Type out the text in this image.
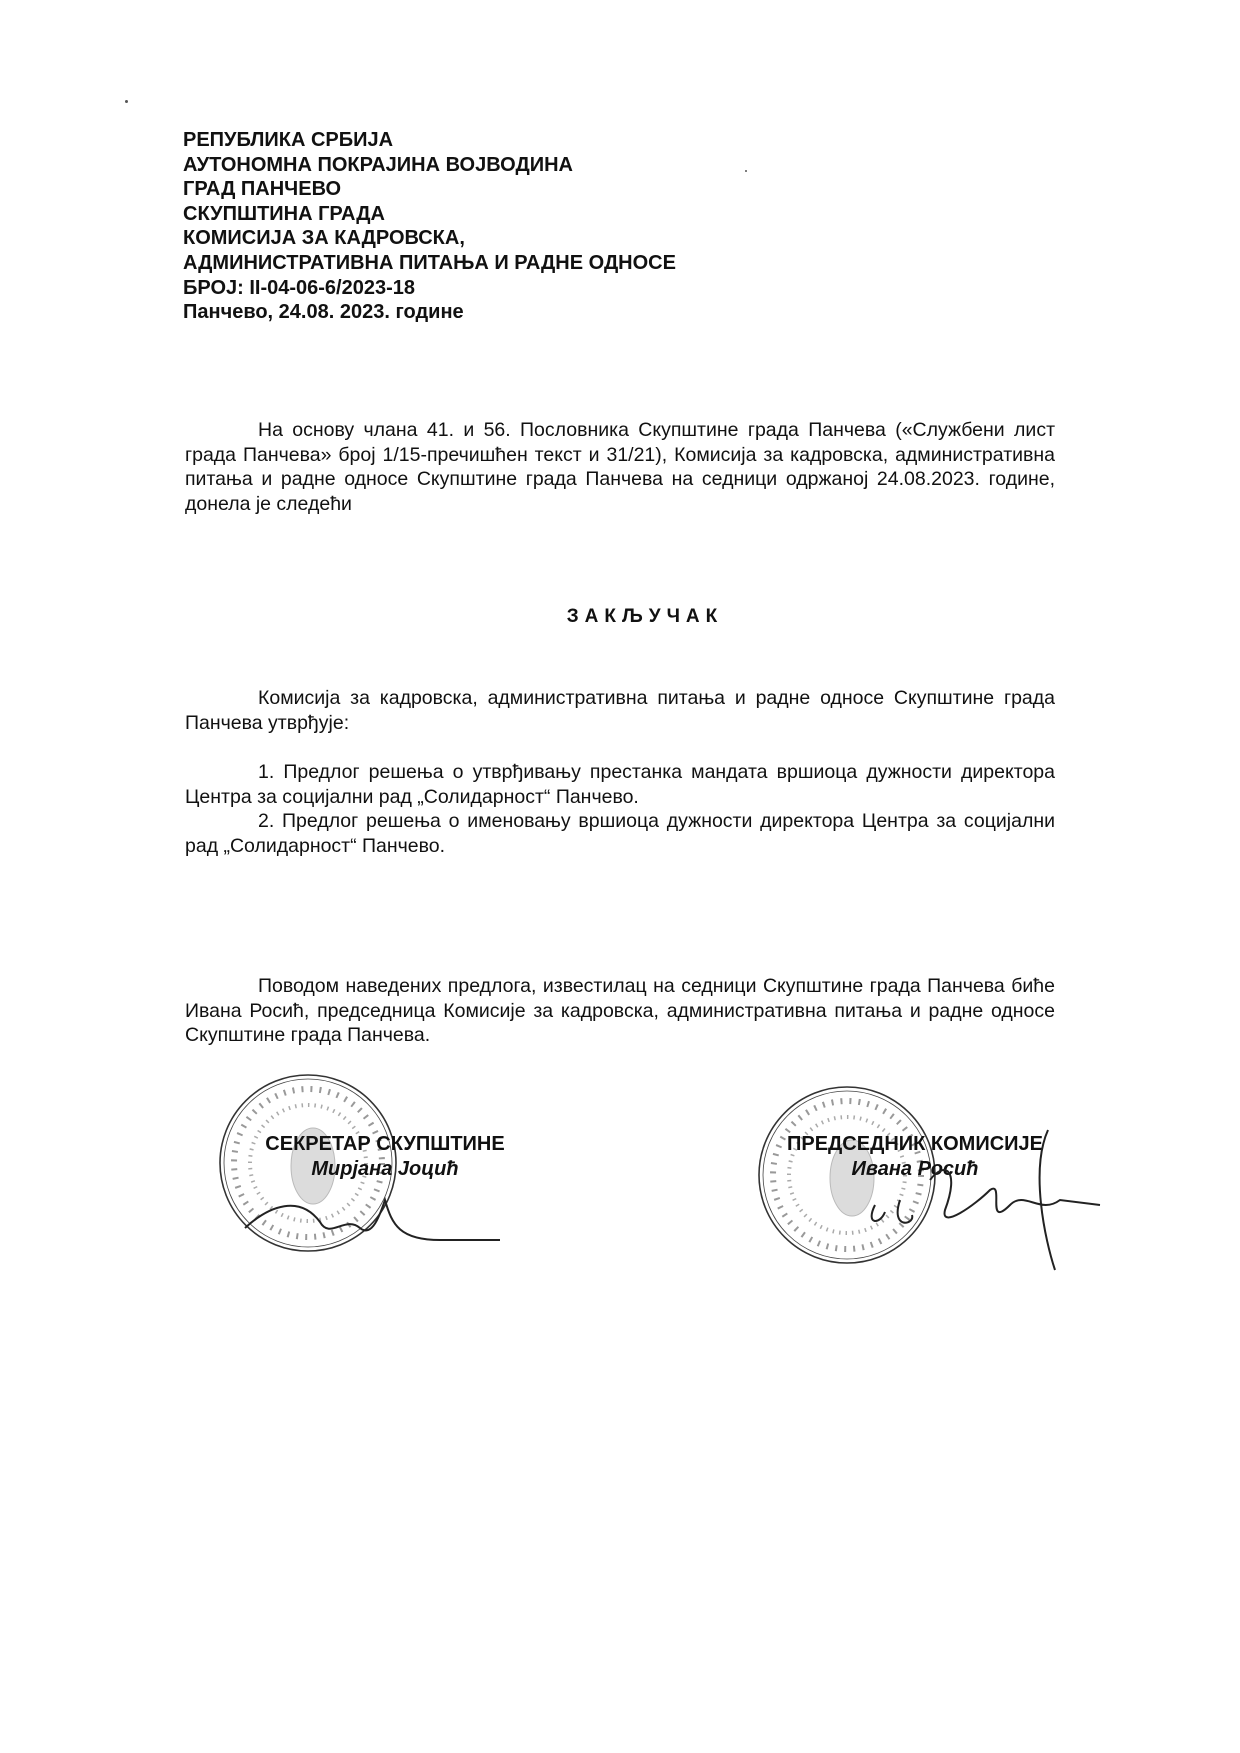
РЕПУБЛИКА СРБИЈА
АУТОНОМНА ПОКРАЈИНА ВОЈВОДИНА
ГРАД ПАНЧЕВО
СКУПШТИНА ГРАДА
КОМИСИЈА ЗА КАДРОВСКА,
АДМИНИСТРАТИВНА ПИТАЊА И РАДНЕ ОДНОСЕ
БРОЈ: II-04-06-6/2023-18
Панчево, 24.08. 2023. године

На основу члана 41. и 56. Пословника Скупштине града Панчева («Службени лист града Панчева» број 1/15-пречишћен текст и 31/21), Комисија за кадровска, административна питања и радне односе Скупштине града Панчева на седници одржаној 24.08.2023. године, донела је следећи

ЗАКЉУЧАК

Комисија за кадровска, административна питања и радне односе Скупштине града Панчева утврђује:

1. Предлог решења о утврђивању престанка мандата вршиоца дужности директора Центра за социјални рад „Солидарност“ Панчево.

2. Предлог решења о именовању вршиоца дужности директора Центра за социјални рад „Солидарност“ Панчево.

Поводом наведених предлога, известилац на седници Скупштине града Панчева биће Ивана Росић, председница Комисије за кадровска, административна питања и радне односе Скупштине града Панчева.

СЕКРЕТАР СКУПШТИНЕ
Мирјана Јоцић
ПРЕДСЕДНИК КОМИСИЈЕ
Ивана Росић
